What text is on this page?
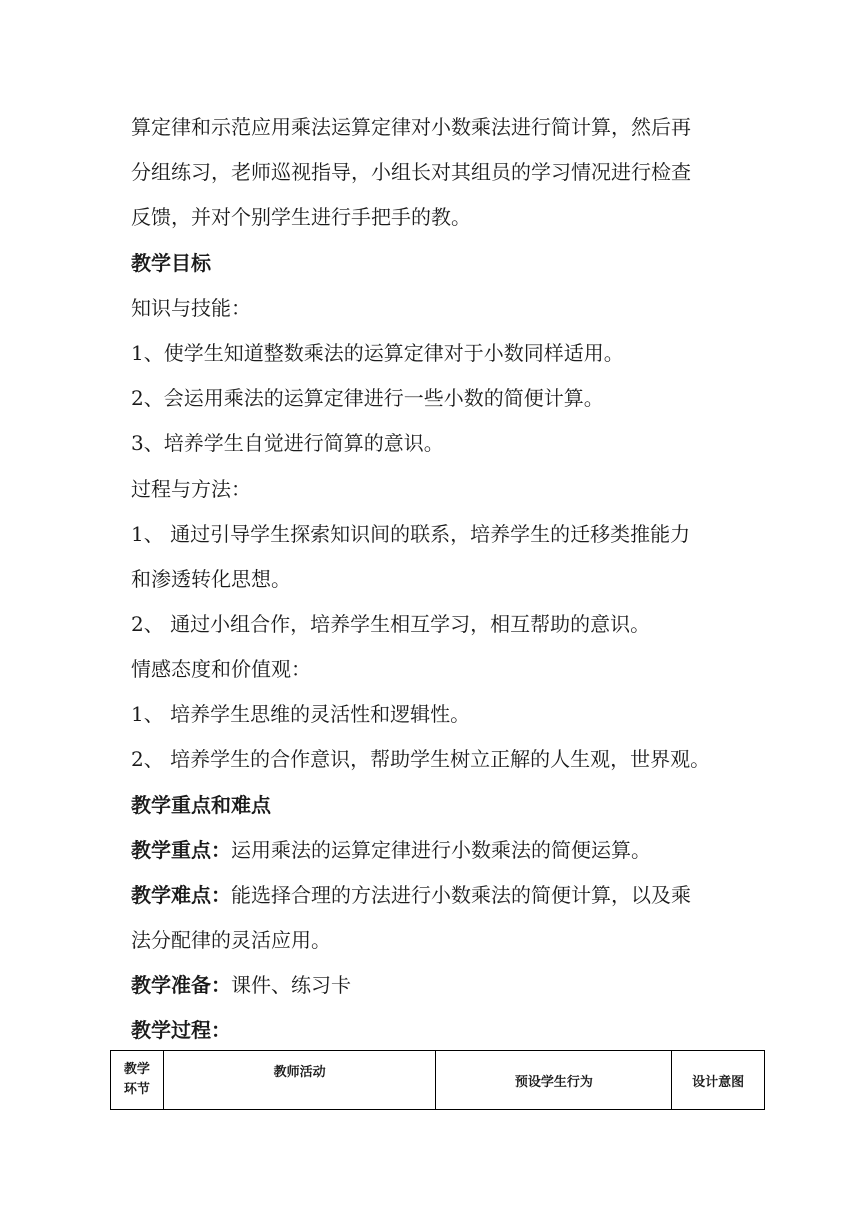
算定律和示范应用乘法运算定律对小数乘法进行简计算，然后再
分组练习，老师巡视指导，小组长对其组员的学习情况进行检查
反馈，并对个别学生进行手把手的教。
教学目标
知识与技能：
1、使学生知道整数乘法的运算定律对于小数同样适用。
2、会运用乘法的运算定律进行一些小数的简便计算。
3、培养学生自觉进行简算的意识。
过程与方法：
1、 通过引导学生探索知识间的联系，培养学生的迁移类推能力
和渗透转化思想。
2、 通过小组合作，培养学生相互学习，相互帮助的意识。
情感态度和价值观：
1、 培养学生思维的灵活性和逻辑性。
2、 培养学生的合作意识，帮助学生树立正解的人生观，世界观。
教学重点和难点
教学重点：运用乘法的运算定律进行小数乘法的简便运算。
教学难点：能选择合理的方法进行小数乘法的简便计算，以及乘
法分配律的灵活应用。
教学准备：课件、练习卡
教学过程：
教学
环节
	教师活动	预设学生行为	设计意图
